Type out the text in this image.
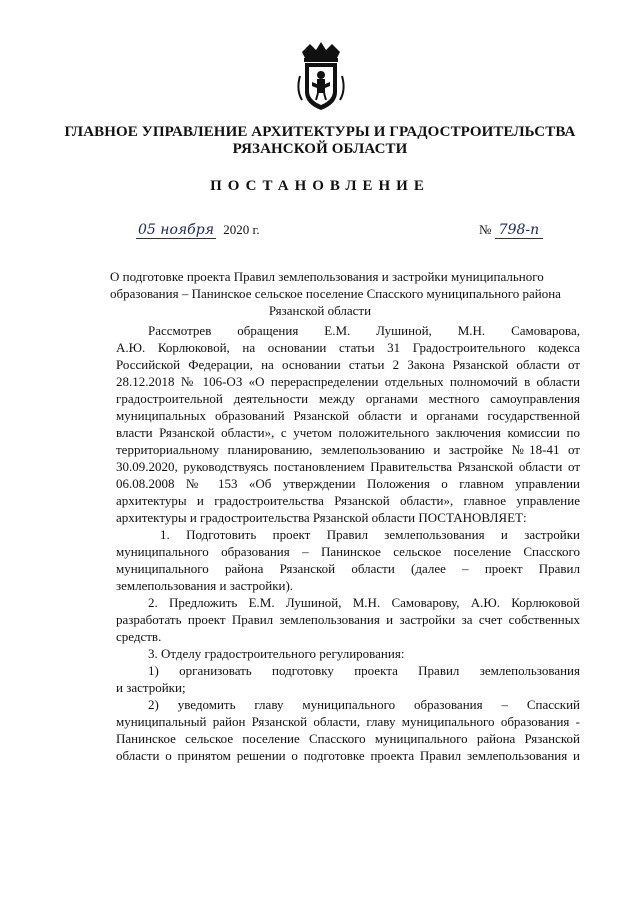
ГЛАВНОЕ УПРАВЛЕНИЕ АРХИТЕКТУРЫ И ГРАДОСТРОИТЕЛЬСТВА
РЯЗАНСКОЙ ОБЛАСТИ
ПОСТАНОВЛЕНИЕ
05 ноября 2020 г.	№ 798-п
О подготовке проекта Правил землепользования и застройки муниципального
образования – Панинское сельское поселение Спасского муниципального района
Рязанской области
Рассмотрев обращения Е.М. Лушиной, М.Н. Самоварова,
А.Ю. Корлюковой, на основании статьи 31 Градостроительного кодекса
Российской Федерации, на основании статьи 2 Закона Рязанской области от
28.12.2018 № 106-ОЗ «О перераспределении отдельных полномочий в области
градостроительной деятельности между органами местного самоуправления
муниципальных образований Рязанской области и органами государственной
власти Рязанской области», с учетом положительного заключения комиссии по
территориальному планированию, землепользованию и застройке №18-41 от
30.09.2020, руководствуясь постановлением Правительства Рязанской области от
06.08.2008 № 153 «Об утверждении Положения о главном управлении
архитектуры и градостроительства Рязанской области», главное управление
архитектуры и градостроительства Рязанской области ПОСТАНОВЛЯЕТ:
1. Подготовить проект Правил землепользования и застройки
муниципального образования – Панинское сельское поселение Спасского
муниципального района Рязанской области (далее – проект Правил
землепользования и застройки).
2. Предложить Е.М. Лушиной, М.Н. Самоварову, А.Ю. Корлюковой
разработать проект Правил землепользования и застройки за счет собственных
средств.
3. Отделу градостроительного регулирования:
1) организовать подготовку проекта Правил землепользования
и застройки;
2) уведомить главу муниципального образования – Спасский
муниципальный район Рязанской области, главу муниципального образования -
Панинское сельское поселение Спасского муниципального района Рязанской
области о принятом решении о подготовке проекта Правил землепользования и
